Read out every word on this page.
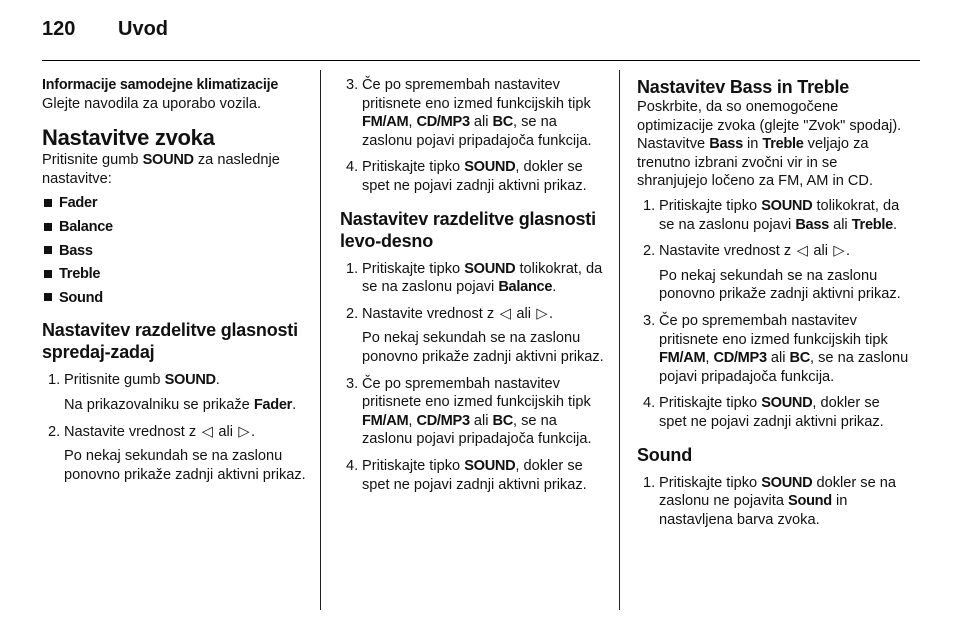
120 Uvod

Informacije samodejne klimatizacije

Glejte navodila za uporabo vozila.

Nastavitve zvoka

Pritisnite gumb SOUND za naslednje nastavitve:

Fader
Balance
Bass
Treble
Sound
Nastavitev razdelitve glasnosti spredaj-zadaj
1. Pritisnite gumb SOUND.

Na prikazovalniku se prikaže Fader.

2. Nastavite vrednost z ◁ ali ▷.

Po nekaj sekundah se na zaslonu ponovno prikaže zadnji aktivni prikaz.

3. Če po spremembah nastavitev pritisnete eno izmed funkcijskih tipk FM/AM, CD/MP3 ali BC, se na zaslonu pojavi pripadajoča funkcija.

4. Pritiskajte tipko SOUND, dokler se spet ne pojavi zadnji aktivni prikaz.

Nastavitev razdelitve glasnosti levo-desno
1. Pritiskajte tipko SOUND tolikokrat, da se na zaslonu pojavi Balance.

2. Nastavite vrednost z ◁ ali ▷.

Po nekaj sekundah se na zaslonu ponovno prikaže zadnji aktivni prikaz.

3. Če po spremembah nastavitev pritisnete eno izmed funkcijskih tipk FM/AM, CD/MP3 ali BC, se na zaslonu pojavi pripadajoča funkcija.

4. Pritiskajte tipko SOUND, dokler se spet ne pojavi zadnji aktivni prikaz.

Nastavitev Bass in Treble

Poskrbite, da so onemogočene optimizacije zvoka (glejte "Zvok" spodaj).

Nastavitve Bass in Treble veljajo za trenutno izbrani zvočni vir in se shranjujejo ločeno za FM, AM in CD.

1. Pritiskajte tipko SOUND tolikokrat, da se na zaslonu pojavi Bass ali Treble.

2. Nastavite vrednost z ◁ ali ▷.

Po nekaj sekundah se na zaslonu ponovno prikaže zadnji aktivni prikaz.

3. Če po spremembah nastavitev pritisnete eno izmed funkcijskih tipk FM/AM, CD/MP3 ali BC, se na zaslonu pojavi pripadajoča funkcija.

4. Pritiskajte tipko SOUND, dokler se spet ne pojavi zadnji aktivni prikaz.

Sound
1. Pritiskajte tipko SOUND dokler se na zaslonu ne pojavita Sound in nastavljena barva zvoka.
